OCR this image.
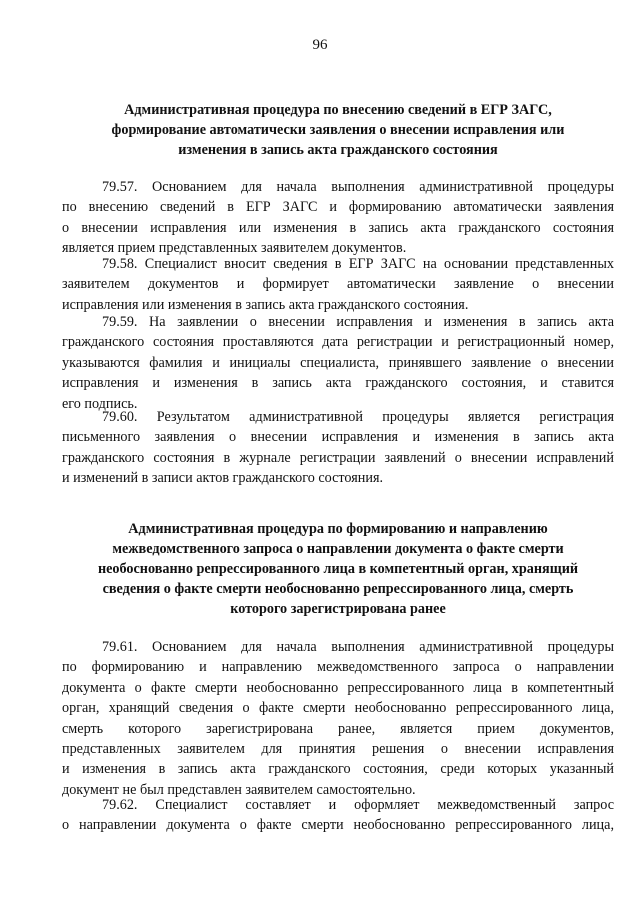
96
Административная процедура по внесению сведений в ЕГР ЗАГС,
формирование автоматически заявления о внесении исправления или
изменения в запись акта гражданского состояния
79.57. Основанием для начала выполнения административной процедуры
по внесению сведений в ЕГР ЗАГС и формированию автоматически заявления
о внесении исправления или изменения в запись акта гражданского состояния
является прием представленных заявителем документов.
79.58. Специалист вносит сведения в ЕГР ЗАГС на основании представленных
заявителем документов и формирует автоматически заявление о внесении
исправления или изменения в запись акта гражданского состояния.
79.59. На заявлении о внесении исправления и изменения в запись акта
гражданского состояния проставляются дата регистрации и регистрационный номер,
указываются фамилия и инициалы специалиста, принявшего заявление о внесении
исправления и изменения в запись акта гражданского состояния, и ставится
его подпись.
79.60. Результатом административной процедуры является регистрация
письменного заявления о внесении исправления и изменения в запись акта
гражданского состояния в журнале регистрации заявлений о внесении исправлений
и изменений в записи актов гражданского состояния.
Административная процедура по формированию и направлению
межведомственного запроса о направлении документа о факте смерти
необоснованно репрессированного лица в компетентный орган, хранящий
сведения о факте смерти необоснованно репрессированного лица, смерть
которого зарегистрирована ранее
79.61. Основанием для начала выполнения административной процедуры
по формированию и направлению межведомственного запроса о направлении
документа о факте смерти необоснованно репрессированного лица в компетентный
орган, хранящий сведения о факте смерти необоснованно репрессированного лица,
смерть которого зарегистрирована ранее, является прием документов,
представленных заявителем для принятия решения о внесении исправления
и изменения в запись акта гражданского состояния, среди которых указанный
документ не был представлен заявителем самостоятельно.
79.62. Специалист составляет и оформляет межведомственный запрос
о направлении документа о факте смерти необоснованно репрессированного лица,
